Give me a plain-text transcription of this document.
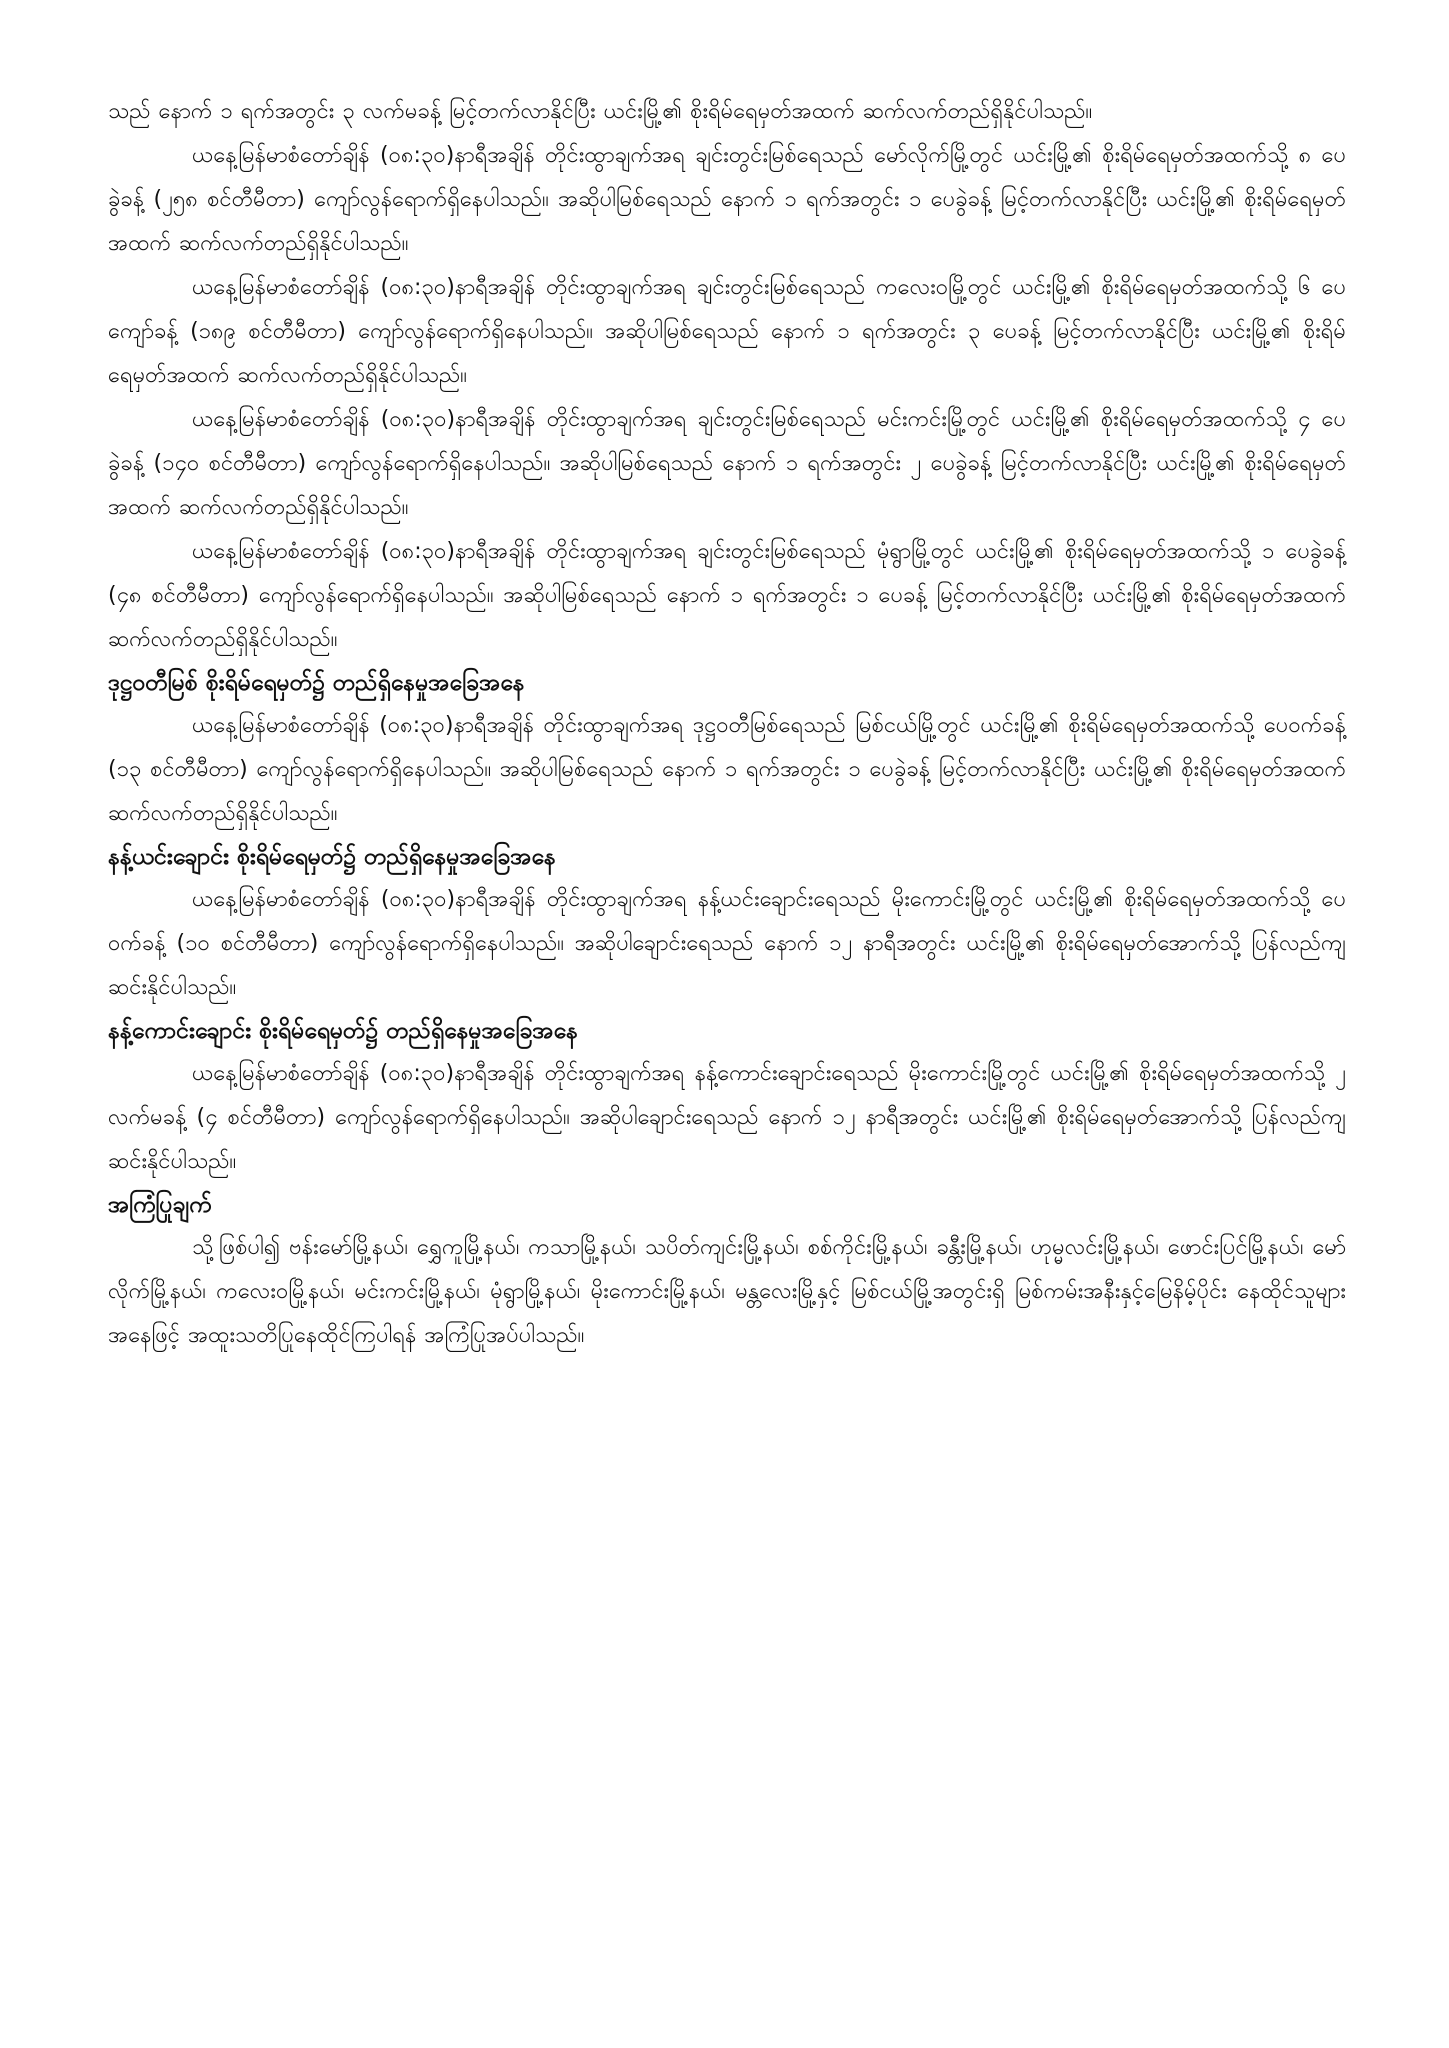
သည် နောက် ၁ ရက်အတွင်း ၃ လက်မခန့် မြင့်တက်လာနိုင်ပြီး ယင်းမြို့၏ စိုးရိမ်ရေမှတ်အထက် ဆက်လက်တည်ရှိနိုင်ပါသည်။

ယနေ့မြန်မာစံတော်ချိန် (၀၈:၃၀)နာရီအချိန် တိုင်းထွာချက်အရ ချင်းတွင်းမြစ်ရေသည် မော်လိုက်မြို့တွင် ယင်းမြို့၏ စိုးရိမ်ရေမှတ်အထက်သို့ ၈ ပေခွဲခန့် (၂၅၈ စင်တီမီတာ) ကျော်လွန်ရောက်ရှိနေပါသည်။ အဆိုပါမြစ်ရေသည် နောက် ၁ ရက်အတွင်း ၁ ပေခွဲခန့် မြင့်တက်လာနိုင်ပြီး ယင်းမြို့၏ စိုးရိမ်ရေမှတ်အထက် ဆက်လက်တည်ရှိနိုင်ပါသည်။

ယနေ့မြန်မာစံတော်ချိန် (၀၈:၃၀)နာရီအချိန် တိုင်းထွာချက်အရ ချင်းတွင်းမြစ်ရေသည် ကလေးဝမြို့တွင် ယင်းမြို့၏ စိုးရိမ်ရေမှတ်အထက်သို့ ၆ ပေကျော်ခန့် (၁၈၉ စင်တီမီတာ) ကျော်လွန်ရောက်ရှိနေပါသည်။ အဆိုပါမြစ်ရေသည် နောက် ၁ ရက်အတွင်း ၃ ပေခန့် မြင့်တက်လာနိုင်ပြီး ယင်းမြို့၏ စိုးရိမ်ရေမှတ်အထက် ဆက်လက်တည်ရှိနိုင်ပါသည်။

ယနေ့မြန်မာစံတော်ချိန် (၀၈:၃၀)နာရီအချိန် တိုင်းထွာချက်အရ ချင်းတွင်းမြစ်ရေသည် မင်းကင်းမြို့တွင် ယင်းမြို့၏ စိုးရိမ်ရေမှတ်အထက်သို့ ၄ ပေခွဲခန့် (၁၄၀ စင်တီမီတာ) ကျော်လွန်ရောက်ရှိနေပါသည်။ အဆိုပါမြစ်ရေသည် နောက် ၁ ရက်အတွင်း ၂ ပေခွဲခန့် မြင့်တက်လာနိုင်ပြီး ယင်းမြို့၏ စိုးရိမ်ရေမှတ်အထက် ဆက်လက်တည်ရှိနိုင်ပါသည်။

ယနေ့မြန်မာစံတော်ချိန် (၀၈:၃၀)နာရီအချိန် တိုင်းထွာချက်အရ ချင်းတွင်းမြစ်ရေသည် မုံရွာမြို့တွင် ယင်းမြို့၏ စိုးရိမ်ရေမှတ်အထက်သို့ ၁ ပေခွဲခန့် (၄၈ စင်တီမီတာ) ကျော်လွန်ရောက်ရှိနေပါသည်။ အဆိုပါမြစ်ရေသည် နောက် ၁ ရက်အတွင်း ၁ ပေခန့် မြင့်တက်လာနိုင်ပြီး ယင်းမြို့၏ စိုးရိမ်ရေမှတ်အထက် ဆက်လက်တည်ရှိနိုင်ပါသည်။

ဒုဋ္ဌဝတီမြစ် စိုးရိမ်ရေမှတ်၌ တည်ရှိနေမှုအခြေအနေ

ယနေ့မြန်မာစံတော်ချိန် (၀၈:၃၀)နာရီအချိန် တိုင်းထွာချက်အရ ဒုဋ္ဌဝတီမြစ်ရေသည် မြစ်ငယ်မြို့တွင် ယင်းမြို့၏ စိုးရိမ်ရေမှတ်အထက်သို့ ပေဝက်ခန့် (၁၃ စင်တီမီတာ) ကျော်လွန်ရောက်ရှိနေပါသည်။ အဆိုပါမြစ်ရေသည် နောက် ၁ ရက်အတွင်း ၁ ပေခွဲခန့် မြင့်တက်လာနိုင်ပြီး ယင်းမြို့၏ စိုးရိမ်ရေမှတ်အထက် ဆက်လက်တည်ရှိနိုင်ပါသည်။

နန့်ယင်းချောင်း စိုးရိမ်ရေမှတ်၌ တည်ရှိနေမှုအခြေအနေ

ယနေ့မြန်မာစံတော်ချိန် (၀၈:၃၀)နာရီအချိန် တိုင်းထွာချက်အရ နန့်ယင်းချောင်းရေသည် မိုးကောင်းမြို့တွင် ယင်းမြို့၏ စိုးရိမ်ရေမှတ်အထက်သို့ ပေဝက်ခန့် (၁၀ စင်တီမီတာ) ကျော်လွန်ရောက်ရှိနေပါသည်။ အဆိုပါချောင်းရေသည် နောက် ၁၂ နာရီအတွင်း ယင်းမြို့၏ စိုးရိမ်ရေမှတ်အောက်သို့ ပြန်လည်ကျဆင်းနိုင်ပါသည်။

နန့်ကောင်းချောင်း စိုးရိမ်ရေမှတ်၌ တည်ရှိနေမှုအခြေအနေ

ယနေ့မြန်မာစံတော်ချိန် (၀၈:၃၀)နာရီအချိန် တိုင်းထွာချက်အရ နန့်ကောင်းချောင်းရေသည် မိုးကောင်းမြို့တွင် ယင်းမြို့၏ စိုးရိမ်ရေမှတ်အထက်သို့ ၂ လက်မခန့် (၄ စင်တီမီတာ) ကျော်လွန်ရောက်ရှိနေပါသည်။ အဆိုပါချောင်းရေသည် နောက် ၁၂ နာရီအတွင်း ယင်းမြို့၏ စိုးရိမ်ရေမှတ်အောက်သို့ ပြန်လည်ကျဆင်းနိုင်ပါသည်။

အကြံပြုချက်

သို့ဖြစ်ပါ၍ ဗန်းမော်မြို့နယ်၊ ရွှေကူမြို့နယ်၊ ကသာမြို့နယ်၊ သပိတ်ကျင်းမြို့နယ်၊ စစ်ကိုင်းမြို့နယ်၊ ခန္တီးမြို့နယ်၊ ဟုမ္မလင်းမြို့နယ်၊ ဖောင်းပြင်မြို့နယ်၊ မော်လိုက်မြို့နယ်၊ ကလေးဝမြို့နယ်၊ မင်းကင်းမြို့နယ်၊ မုံရွာမြို့နယ်၊ မိုးကောင်းမြို့နယ်၊ မန္တလေးမြို့နှင့် မြစ်ငယ်မြို့အတွင်းရှိ မြစ်ကမ်းအနီးနှင့်မြေနိမ့်ပိုင်း နေထိုင်သူများ အနေဖြင့် အထူးသတိပြုနေထိုင်ကြပါရန် အကြံပြုအပ်ပါသည်။
